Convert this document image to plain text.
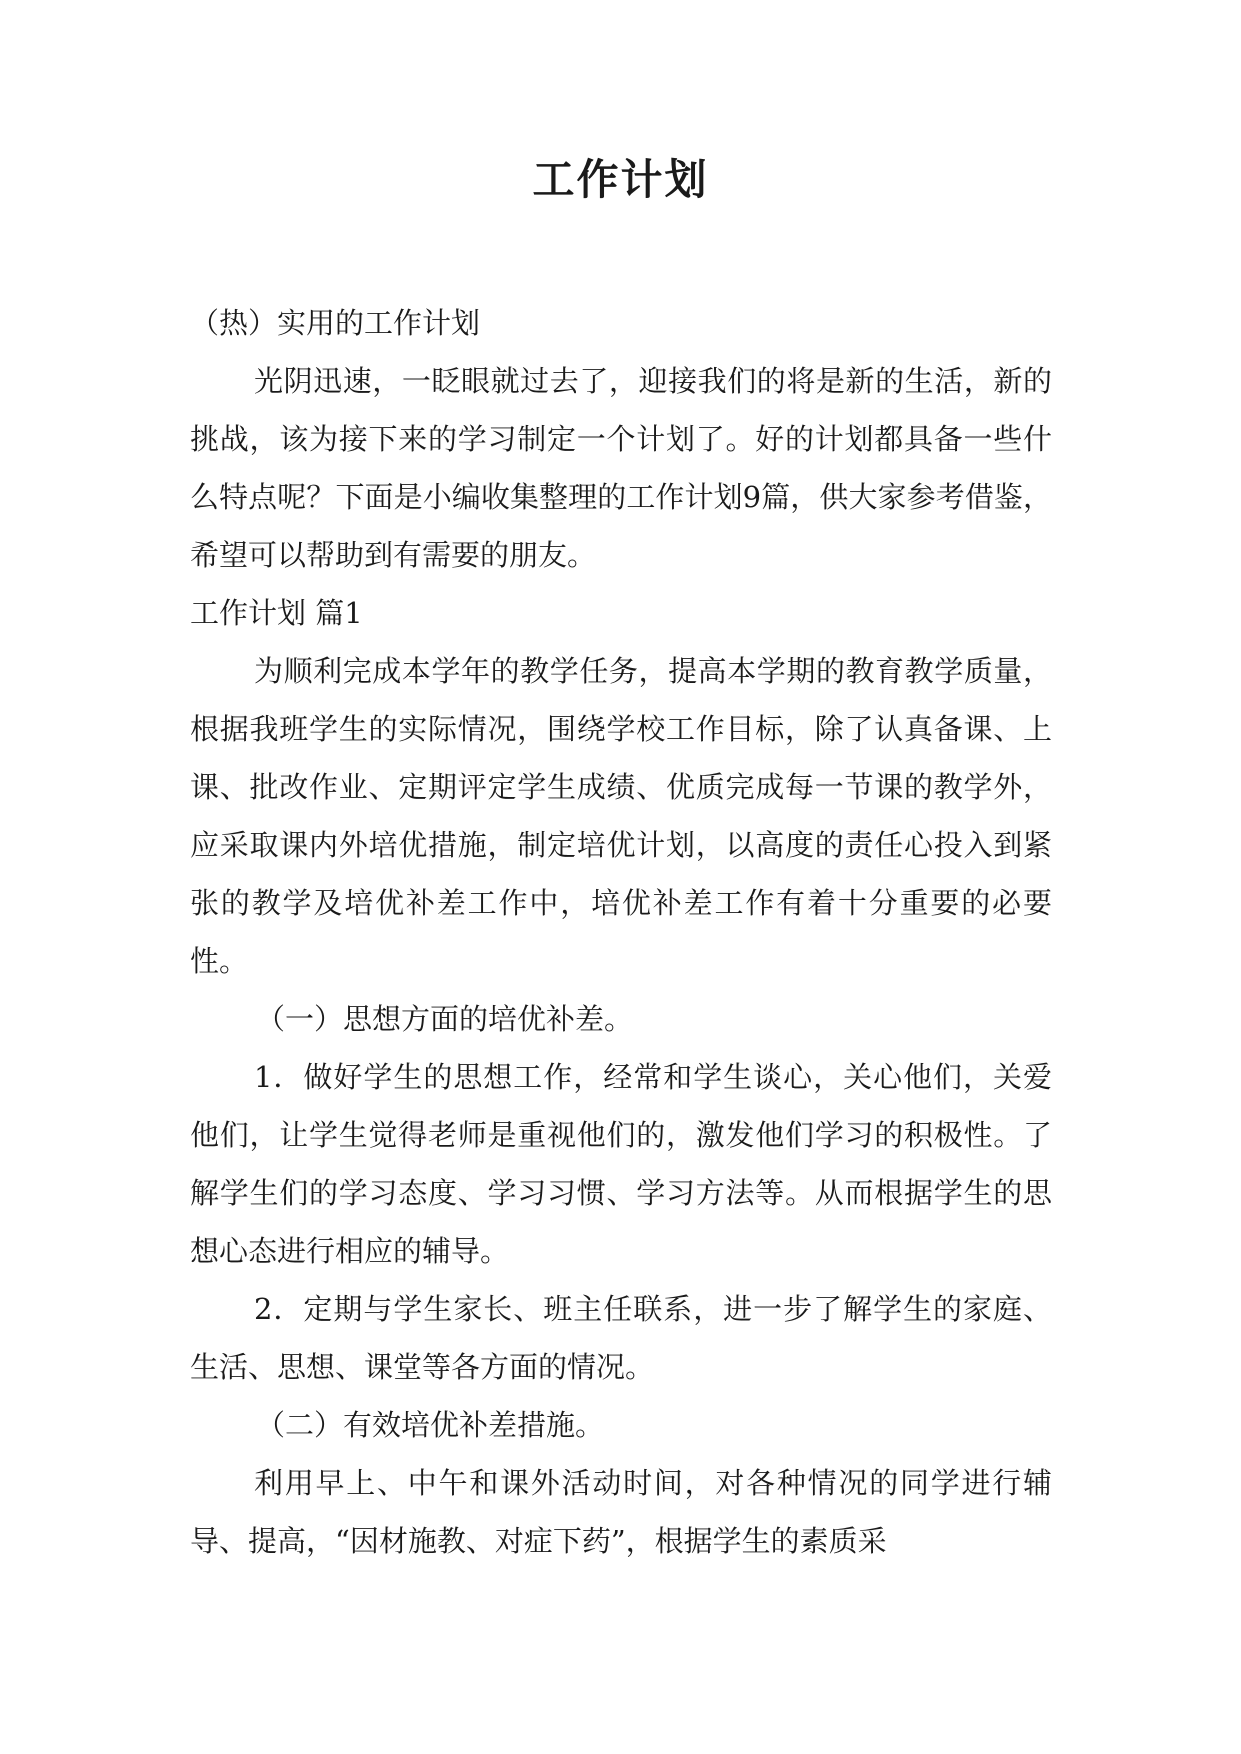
工作计划

（热）实用的工作计划

光阴迅速，一眨眼就过去了，迎接我们的将是新的生活，新的挑战，该为接下来的学习制定一个计划了。好的计划都具备一些什么特点呢？下面是小编收集整理的工作计划9篇，供大家参考借鉴，希望可以帮助到有需要的朋友。

工作计划 篇1

为顺利完成本学年的教学任务，提高本学期的教育教学质量，根据我班学生的实际情况，围绕学校工作目标，除了认真备课、上课、批改作业、定期评定学生成绩、优质完成每一节课的教学外，应采取课内外培优措施，制定培优计划，以高度的责任心投入到紧张的教学及培优补差工作中，培优补差工作有着十分重要的必要性。

（一）思想方面的培优补差。

1．做好学生的思想工作，经常和学生谈心，关心他们，关爱他们，让学生觉得老师是重视他们的，激发他们学习的积极性。了解学生们的学习态度、学习习惯、学习方法等。从而根据学生的思想心态进行相应的辅导。

2．定期与学生家长、班主任联系，进一步了解学生的家庭、生活、思想、课堂等各方面的情况。

（二）有效培优补差措施。

利用早上、中午和课外活动时间，对各种情况的同学进行辅导、提高，“因材施教、对症下药”，根据学生的素质采
